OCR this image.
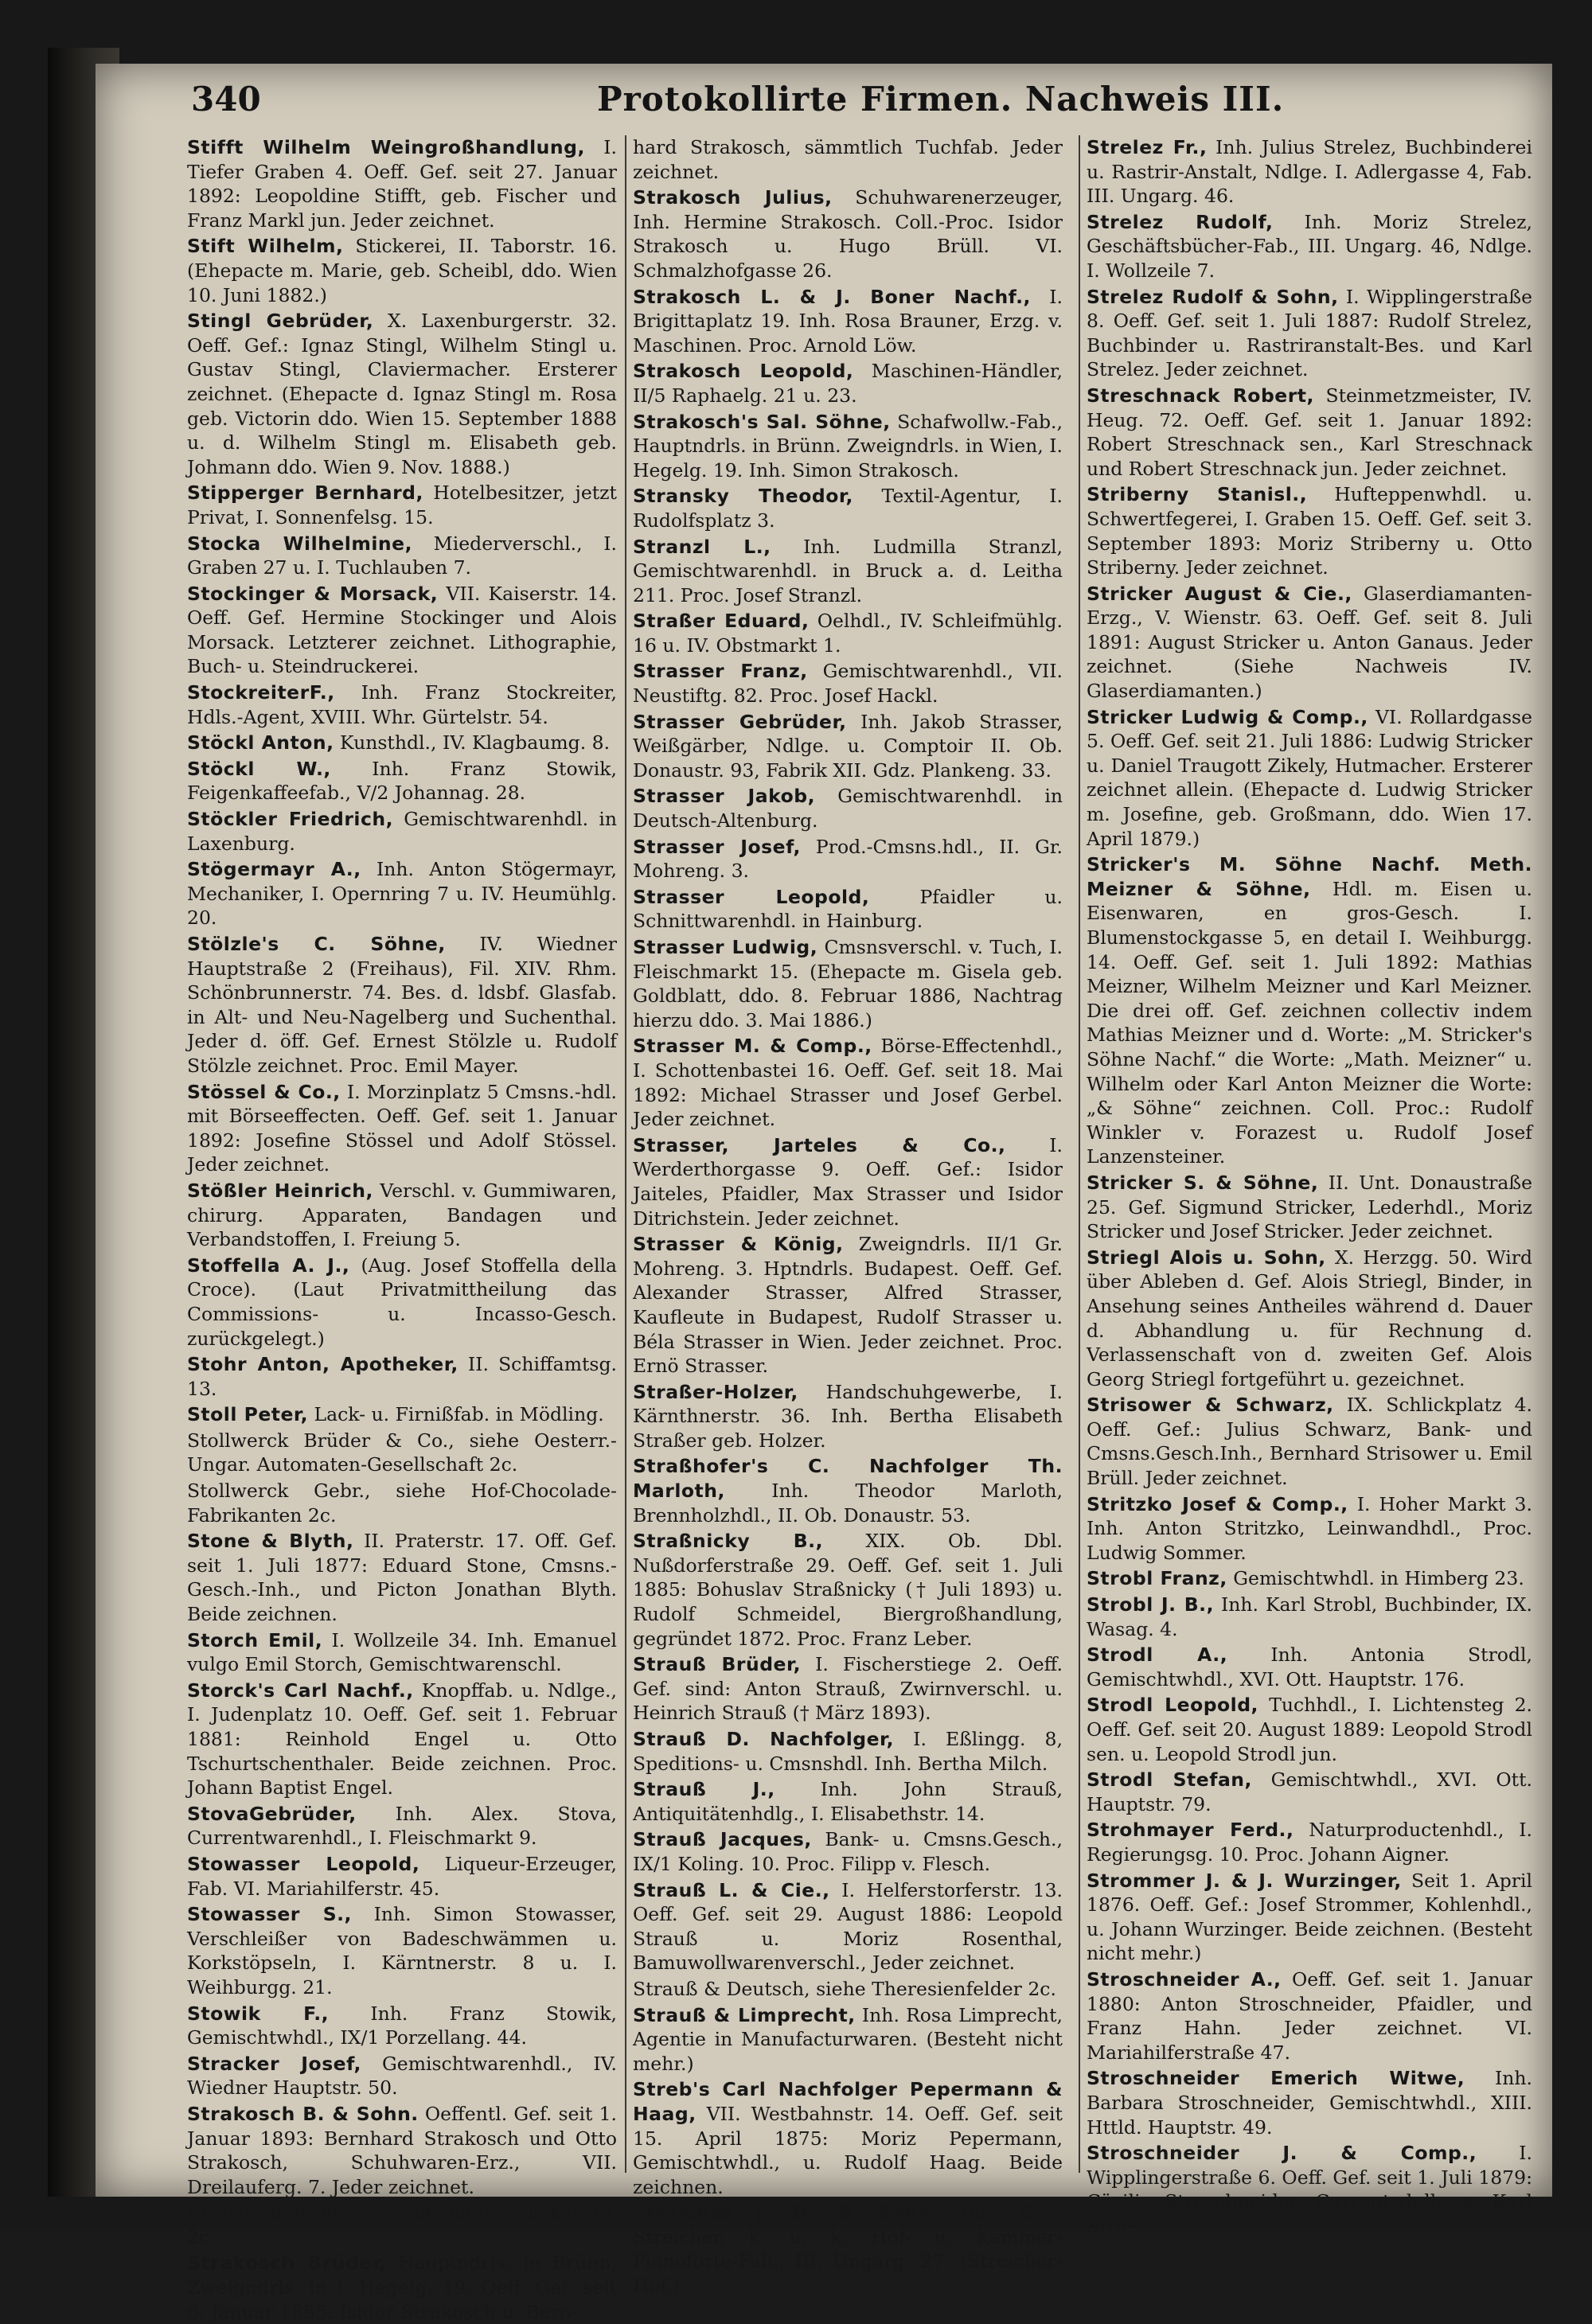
340	Protokollirte Firmen. Nachweis III.
Stifft Wilhelm Weingroßhandlung, I. Tiefer Graben 4. Oeff. Gef. seit 27. Januar 1892: Leopoldine Stifft, geb. Fischer und Franz Markl jun. Jeder zeichnet.
Stift Wilhelm, Stickerei, II. Taborstr. 16. (Ehepacte m. Marie, geb. Scheibl, ddo. Wien 10. Juni 1882.)
Stingl Gebrüder, X. Laxenburgerstr. 32. Oeff. Gef.: Ignaz Stingl, Wilhelm Stingl u. Gustav Stingl, Claviermacher. Ersterer zeichnet. (Ehepacte d. Ignaz Stingl m. Rosa geb. Victorin ddo. Wien 15. September 1888 u. d. Wilhelm Stingl m. Elisabeth geb. Johmann ddo. Wien 9. Nov. 1888.)
Stipperger Bernhard, Hotelbesitzer, jetzt Privat, I. Sonnenfelsg. 15.
Stocka Wilhelmine, Miederverschl., I. Graben 27 u. I. Tuchlauben 7.
Stockinger & Morsack, VII. Kaiserstr. 14. Oeff. Gef. Hermine Stockinger und Alois Morsack. Letzterer zeichnet. Lithographie, Buch- u. Steindruckerei.
StockreiterF., Inh. Franz Stockreiter, Hdls.-Agent, XVIII. Whr. Gürtelstr. 54.
Stöckl Anton, Kunsthdl., IV. Klagbaumg. 8.
Stöckl W., Inh. Franz Stowik, Feigenkaffeefab., V/2 Johannag. 28.
Stöckler Friedrich, Gemischtwarenhdl. in Laxenburg.
Stögermayr A., Inh. Anton Stögermayr, Mechaniker, I. Opernring 7 u. IV. Heumühlg. 20.
Stölzle's C. Söhne, IV. Wiedner Hauptstraße 2 (Freihaus), Fil. XIV. Rhm. Schönbrunnerstr. 74. Bes. d. ldsbf. Glasfab. in Alt- und Neu-Nagelberg und Suchenthal. Jeder d. öff. Gef. Ernest Stölzle u. Rudolf Stölzle zeichnet. Proc. Emil Mayer.
Stössel & Co., I. Morzinplatz 5 Cmsns.-hdl. mit Börseeffecten. Oeff. Gef. seit 1. Januar 1892: Josefine Stössel und Adolf Stössel. Jeder zeichnet.
Stößler Heinrich, Verschl. v. Gummiwaren, chirurg. Apparaten, Bandagen und Verbandstoffen, I. Freiung 5.
Stoffella A. J., (Aug. Josef Stoffella della Croce). (Laut Privatmittheilung das Commissions- u. Incasso-Gesch. zurückgelegt.)
Stohr Anton, Apotheker, II. Schiffamtsg. 13.
Stoll Peter, Lack- u. Firnißfab. in Mödling.
Stollwerck Brüder & Co., siehe Oesterr.-Ungar. Automaten-Gesellschaft 2c.
Stollwerck Gebr., siehe Hof-Chocolade-Fabrikanten 2c.
Stone & Blyth, II. Praterstr. 17. Off. Gef. seit 1. Juli 1877: Eduard Stone, Cmsns.-Gesch.-Inh., und Picton Jonathan Blyth. Beide zeichnen.
Storch Emil, I. Wollzeile 34. Inh. Emanuel vulgo Emil Storch, Gemischtwarenschl.
Storck's Carl Nachf., Knopffab. u. Ndlge., I. Judenplatz 10. Oeff. Gef. seit 1. Februar 1881: Reinhold Engel u. Otto Tschurtschenthaler. Beide zeichnen. Proc. Johann Baptist Engel.
StovaGebrüder, Inh. Alex. Stova, Currentwarenhdl., I. Fleischmarkt 9.
Stowasser Leopold, Liqueur-Erzeuger, Fab. VI. Mariahilferstr. 45.
Stowasser S., Inh. Simon Stowasser, Verschleißer von Badeschwämmen u. Korkstöpseln, I. Kärntnerstr. 8 u. I. Weihburgg. 21.
Stowik F., Inh. Franz Stowik, Gemischtwhdl., IX/1 Porzellang. 44.
Stracker Josef, Gemischtwarenhdl., IV. Wiedner Hauptstr. 50.
Strakosch B. & Sohn. Oeffentl. Gef. seit 1. Januar 1893: Bernhard Strakosch und Otto Strakosch, Schuhwaren-Erz., VII. Dreilauferg. 7. Jeder zeichnet.
Strakosch Brüder, s. Hohenauer Zuckerfab. 2c.
Strakosch Brüder, Hauptndrls. in Brünn, Zweigndrls. in I. Hegelg. 19. Oeff. Gef. seit 6. Januar 1855: Isidor Strakosch u. Bern-
hard Strakosch, sämmtlich Tuchfab. Jeder zeichnet.
Strakosch Julius, Schuhwarenerzeuger, Inh. Hermine Strakosch. Coll.-Proc. Isidor Strakosch u. Hugo Brüll. VI. Schmalzhofgasse 26.
Strakosch L. & J. Boner Nachf., I. Brigittaplatz 19. Inh. Rosa Brauner, Erzg. v. Maschinen. Proc. Arnold Löw.
Strakosch Leopold, Maschinen-Händler, II/5 Raphaelg. 21 u. 23.
Strakosch's Sal. Söhne, Schafwollw.-Fab., Hauptndrls. in Brünn. Zweigndrls. in Wien, I. Hegelg. 19. Inh. Simon Strakosch.
Stransky Theodor, Textil-Agentur, I. Rudolfsplatz 3.
Stranzl L., Inh. Ludmilla Stranzl, Gemischtwarenhdl. in Bruck a. d. Leitha 211. Proc. Josef Stranzl.
Straßer Eduard, Oelhdl., IV. Schleifmühlg. 16 u. IV. Obstmarkt 1.
Strasser Franz, Gemischtwarenhdl., VII. Neustiftg. 82. Proc. Josef Hackl.
Strasser Gebrüder, Inh. Jakob Strasser, Weißgärber, Ndlge. u. Comptoir II. Ob. Donaustr. 93, Fabrik XII. Gdz. Plankeng. 33.
Strasser Jakob, Gemischtwarenhdl. in Deutsch-Altenburg.
Strasser Josef, Prod.-Cmsns.hdl., II. Gr. Mohreng. 3.
Strasser Leopold,	Pfaidler u. Schnittwarenhdl. in Hainburg.
Strasser Ludwig, Cmsnsverschl. v. Tuch, I. Fleischmarkt 15. (Ehepacte m. Gisela geb. Goldblatt, ddo. 8. Februar 1886, Nachtrag hierzu ddo. 3. Mai 1886.)
Strasser M. & Comp., Börse-Effectenhdl., I. Schottenbastei 16. Oeff. Gef. seit 18. Mai 1892: Michael Strasser und Josef Gerbel. Jeder zeichnet.
Strasser, Jarteles & Co., I. Werderthorgasse 9. Oeff. Gef.: Isidor Jaiteles, Pfaidler, Max Strasser und Isidor Ditrichstein. Jeder zeichnet.
Strasser & König, Zweigndrls. II/1 Gr. Mohreng. 3. Hptndrls. Budapest. Oeff. Gef. Alexander Strasser, Alfred Strasser, Kaufleute in Budapest, Rudolf Strasser u. Béla Strasser in Wien. Jeder zeichnet. Proc. Ernö Strasser.
Straßer-Holzer, Handschuhgewerbe, I. Kärnthnerstr. 36. Inh. Bertha Elisabeth Straßer geb. Holzer.
Straßhofer's C. Nachfolger Th. Marloth, Inh. Theodor Marloth, Brennholzhdl., II. Ob. Donaustr. 53.
Straßnicky B., XIX. Ob. Dbl. Nußdorferstraße 29. Oeff. Gef. seit 1. Juli 1885: Bohuslav Straßnicky († Juli 1893) u. Rudolf Schmeidel, Biergroßhandlung, gegründet 1872. Proc. Franz Leber.
Strauß Brüder, I. Fischerstiege 2. Oeff. Gef. sind: Anton Strauß, Zwirnverschl. u. Heinrich Strauß († März 1893).
Strauß D. Nachfolger, I. Eßlingg. 8, Speditions- u. Cmsnshdl. Inh. Bertha Milch.
Strauß J., Inh. John Strauß, Antiquitätenhdlg., I. Elisabethstr. 14.
Strauß Jacques, Bank- u. Cmsns.Gesch., IX/1 Koling. 10. Proc. Filipp v. Flesch.
Strauß L. & Cie., I. Helferstorferstr. 13. Oeff. Gef. seit 29. August 1886: Leopold Strauß u. Moriz Rosenthal, Bamuwollwarenverschl., Jeder zeichnet.
Strauß & Deutsch, siehe Theresienfelder 2c.
Strauß & Limprecht, Inh. Rosa Limprecht, Agentie in Manufacturwaren. (Besteht nicht mehr.)
Streb's Carl Nachfolger Pepermann & Haag, VII. Westbahnstr. 14. Oeff. Gef. seit 15. April 1875: Moriz Pepermann, Gemischtwhdl., u. Rudolf Haag. Beide zeichnen.
Streicher J. B. & Sohn, Inh. Emil Streicher, k. u. k. Hof- u. Kammer-Pianoforte-Fab., III. Ungarg. 27. (Streicher-Hof.)
Strelez Fr., Inh. Julius Strelez, Buchbinderei u. Rastrir-Anstalt, Ndlge. I. Adlergasse 4, Fab. III. Ungarg. 46.
Strelez Rudolf, Inh. Moriz Strelez, Geschäftsbücher-Fab., III. Ungarg. 46, Ndlge. I. Wollzeile 7.
Strelez Rudolf & Sohn, I. Wipplingerstraße 8. Oeff. Gef. seit 1. Juli 1887: Rudolf Strelez, Buchbinder u. Rastriranstalt-Bes. und Karl Strelez. Jeder zeichnet.
Streschnack Robert, Steinmetzmeister, IV. Heug. 72. Oeff. Gef. seit 1. Januar 1892: Robert Streschnack sen., Karl Streschnack und Robert Streschnack jun. Jeder zeichnet.
Striberny Stanisl., Hufteppenwhdl. u. Schwertfegerei, I. Graben 15. Oeff. Gef. seit 3. September 1893: Moriz Striberny u. Otto Striberny. Jeder zeichnet.
Stricker August & Cie., Glaserdiamanten-Erzg., V. Wienstr. 63. Oeff. Gef. seit 8. Juli 1891: August Stricker u. Anton Ganaus. Jeder zeichnet. (Siehe Nachweis IV. Glaserdiamanten.)
Stricker Ludwig & Comp., VI. Rollardgasse 5. Oeff. Gef. seit 21. Juli 1886: Ludwig Stricker u. Daniel Traugott Zikely, Hutmacher. Ersterer zeichnet allein. (Ehepacte d. Ludwig Stricker m. Josefine, geb. Großmann, ddo. Wien 17. April 1879.)
Stricker's M. Söhne Nachf. Meth. Meizner & Söhne, Hdl. m. Eisen u. Eisenwaren, en gros-Gesch. I. Blumenstockgasse 5, en detail I. Weihburgg. 14. Oeff. Gef. seit 1. Juli 1892: Mathias Meizner, Wilhelm Meizner und Karl Meizner. Die drei off. Gef. zeichnen collectiv indem Mathias Meizner und d. Worte: „M. Stricker's Söhne Nachf.“ die Worte: „Math. Meizner“ u. Wilhelm oder Karl Anton Meizner die Worte: „& Söhne“ zeichnen. Coll. Proc.: Rudolf Winkler v. Forazest u. Rudolf Josef Lanzensteiner.
Stricker S. & Söhne, II. Unt. Donaustraße 25. Gef. Sigmund Stricker, Lederhdl., Moriz Stricker und Josef Stricker. Jeder zeichnet.
Striegl Alois u. Sohn, X. Herzgg. 50. Wird über Ableben d. Gef. Alois Striegl, Binder, in Ansehung seines Antheiles während d. Dauer d. Abhandlung u. für Rechnung d. Verlassenschaft von d. zweiten Gef. Alois Georg Striegl fortgeführt u. gezeichnet.
Strisower & Schwarz, IX. Schlickplatz 4. Oeff. Gef.: Julius Schwarz, Bank- und Cmsns.Gesch.Inh., Bernhard Strisower u. Emil Brüll. Jeder zeichnet.
Stritzko Josef & Comp., I. Hoher Markt 3. Inh. Anton Stritzko, Leinwandhdl., Proc. Ludwig Sommer.
Strobl Franz, Gemischtwhdl. in Himberg 23.
Strobl J. B., Inh. Karl Strobl, Buchbinder, IX. Wasag. 4.
Strodl A., Inh. Antonia Strodl, Gemischtwhdl., XVI. Ott. Hauptstr. 176.
Strodl Leopold, Tuchhdl., I. Lichtensteg 2. Oeff. Gef. seit 20. August 1889: Leopold Strodl sen. u. Leopold Strodl jun.
Strodl Stefan, Gemischtwhdl., XVI. Ott. Hauptstr. 79.
Strohmayer Ferd., Naturproductenhdl., I. Regierungsg. 10. Proc. Johann Aigner.
Strommer J. & J. Wurzinger, Seit 1. April 1876. Oeff. Gef.: Josef Strommer, Kohlenhdl., u. Johann Wurzinger. Beide zeichnen. (Besteht nicht mehr.)
Stroschneider A., Oeff. Gef. seit 1. Januar 1880: Anton Stroschneider, Pfaidler, und Franz Hahn. Jeder zeichnet. VI. Mariahilferstraße 47.
Stroschneider Emerich Witwe, Inh. Barbara Stroschneider, Gemischtwhdl., XIII. Httld. Hauptstr. 49.
Stroschneider J. & Comp., I. Wipplingerstraße 6. Oeff. Gef. seit 1. Juli 1879: Cäcilia Stroschneider, Currentwhdl., u. Karl Stro-
